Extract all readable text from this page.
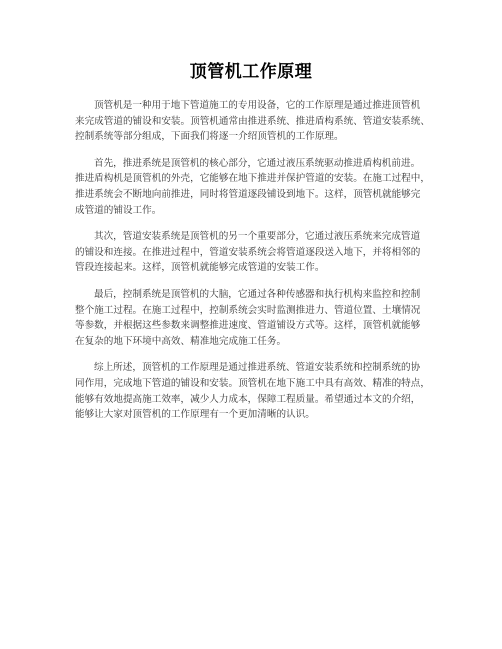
顶管机工作原理

顶管机是一种用于地下管道施工的专用设备，它的工作原理是通过推进顶管机
来完成管道的铺设和安装。顶管机通常由推进系统、推进盾构系统、管道安装系统、
控制系统等部分组成，下面我们将逐一介绍顶管机的工作原理。

首先，推进系统是顶管机的核心部分，它通过液压系统驱动推进盾构机前进。
推进盾构机是顶管机的外壳，它能够在地下推进并保护管道的安装。在施工过程中，
推进系统会不断地向前推进，同时将管道逐段铺设到地下。这样，顶管机就能够完
成管道的铺设工作。

其次，管道安装系统是顶管机的另一个重要部分，它通过液压系统来完成管道
的铺设和连接。在推进过程中，管道安装系统会将管道逐段送入地下，并将相邻的
管段连接起来。这样，顶管机就能够完成管道的安装工作。

最后，控制系统是顶管机的大脑，它通过各种传感器和执行机构来监控和控制
整个施工过程。在施工过程中，控制系统会实时监测推进力、管道位置、土壤情况
等参数，并根据这些参数来调整推进速度、管道铺设方式等。这样，顶管机就能够
在复杂的地下环境中高效、精准地完成施工任务。

综上所述，顶管机的工作原理是通过推进系统、管道安装系统和控制系统的协
同作用，完成地下管道的铺设和安装。顶管机在地下施工中具有高效、精准的特点，
能够有效地提高施工效率，减少人力成本，保障工程质量。希望通过本文的介绍，
能够让大家对顶管机的工作原理有一个更加清晰的认识。
